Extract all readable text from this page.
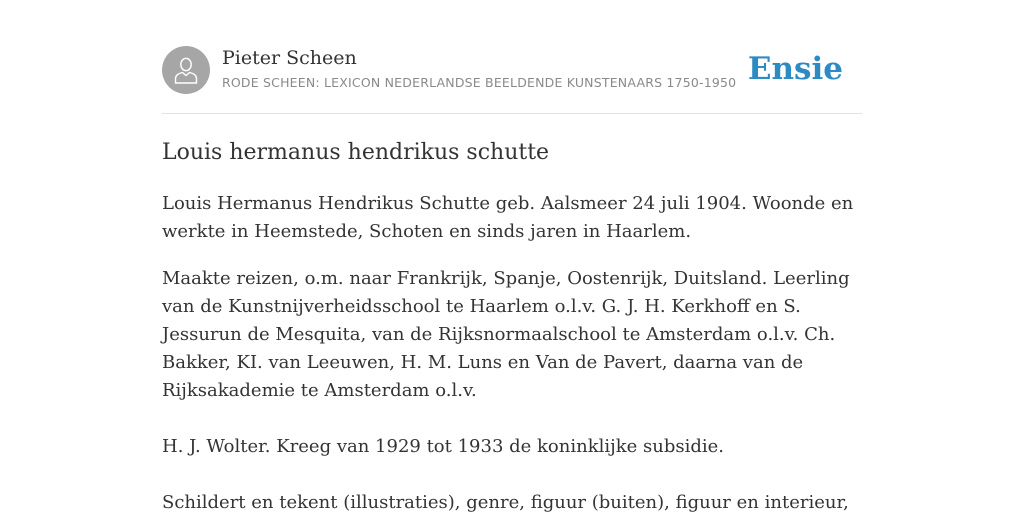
Pieter Scheen
RODE SCHEEN: LEXICON NEDERLANDSE BEELDENDE KUNSTENAARS 1750-1950 Ensie
Louis hermanus hendrikus schutte

Louis Hermanus Hendrikus Schutte geb. Aalsmeer 24 juli 1904. Woonde en werkte in Heemstede, Schoten en sinds jaren in Haarlem.

Maakte reizen, o.m. naar Frankrijk, Spanje, Oostenrijk, Duitsland. Leerling van de Kunstnijverheidsschool te Haarlem o.l.v. G. J. H. Kerkhoff en S. Jessurun de Mesquita, van de Rijksnormaalschool te Amsterdam o.l.v. Ch. Bakker, KI. van Leeuwen, H. M. Luns en Van de Pavert, daarna van de Rijksakademie te Amsterdam o.l.v.

H. J. Wolter. Kreeg van 1929 tot 1933 de koninklijke subsidie.

Schildert en tekent (illustraties), genre, figuur (buiten), figuur en interieur,
